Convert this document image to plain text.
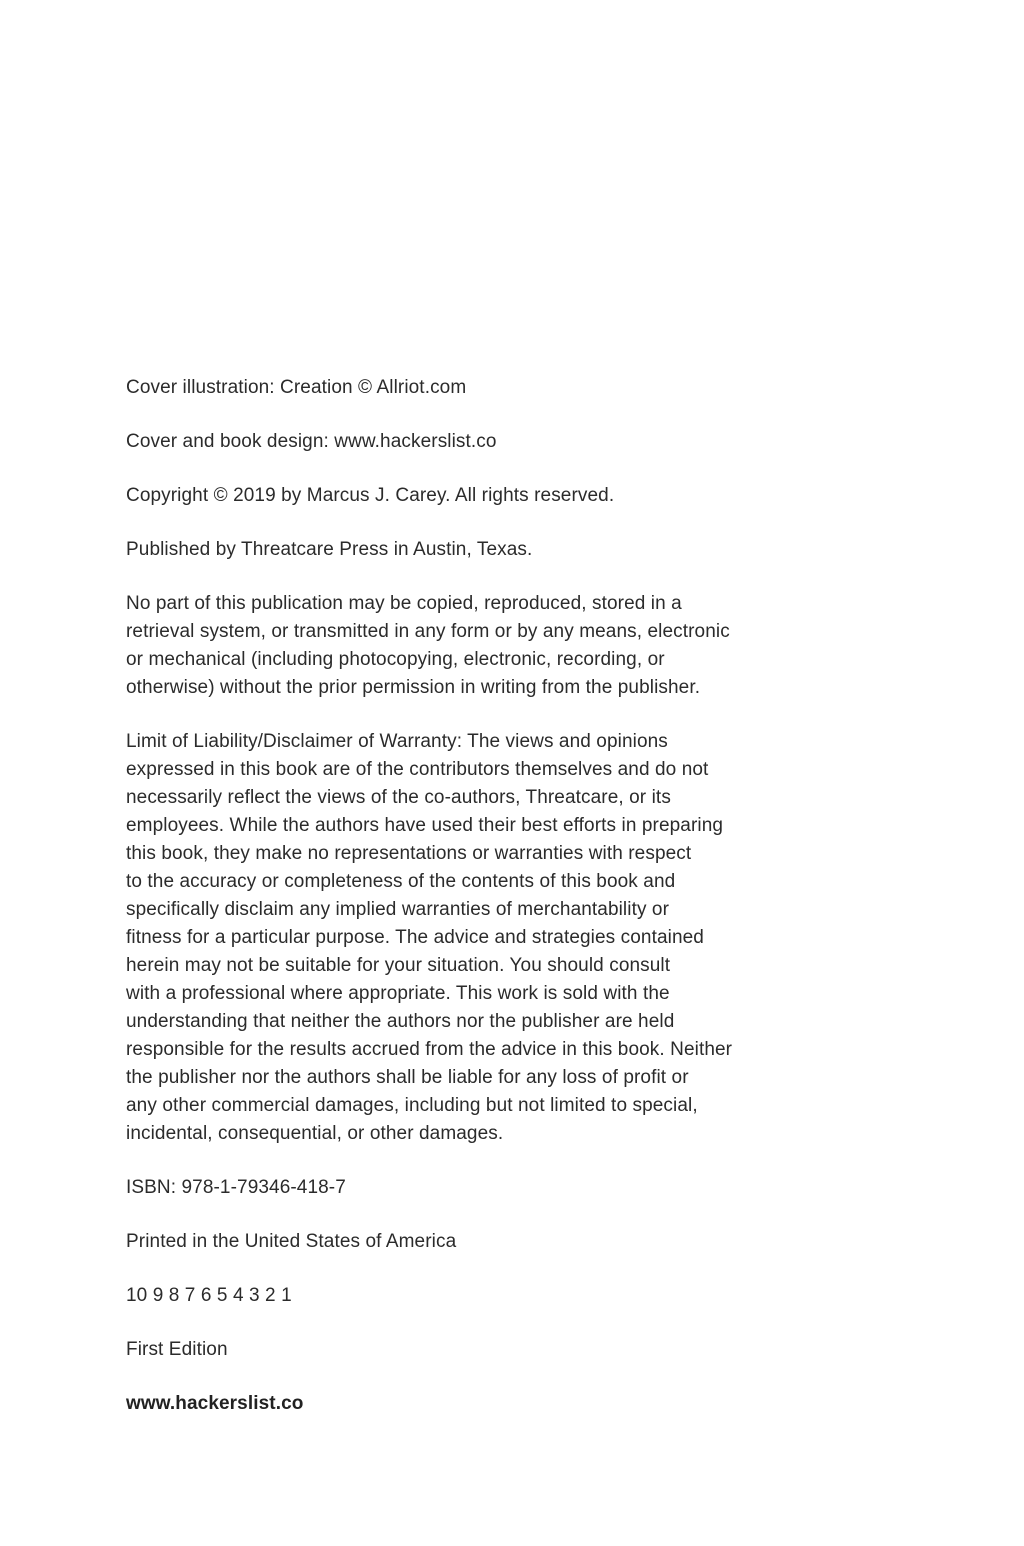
Cover illustration: Creation © Allriot.com

Cover and book design: www.hackerslist.co

Copyright © 2019 by Marcus J. Carey. All rights reserved.

Published by Threatcare Press in Austin, Texas.

No part of this publication may be copied, reproduced, stored in a
retrieval system, or transmitted in any form or by any means, electronic
or mechanical (including photocopying, electronic, recording, or
otherwise) without the prior permission in writing from the publisher.

Limit of Liability/Disclaimer of Warranty: The views and opinions
expressed in this book are of the contributors themselves and do not
necessarily reflect the views of the co-authors, Threatcare, or its
employees. While the authors have used their best efforts in preparing
this book, they make no representations or warranties with respect
to the accuracy or completeness of the contents of this book and
specifically disclaim any implied warranties of merchantability or
fitness for a particular purpose. The advice and strategies contained
herein may not be suitable for your situation. You should consult
with a professional where appropriate. This work is sold with the
understanding that neither the authors nor the publisher are held
responsible for the results accrued from the advice in this book. Neither
the publisher nor the authors shall be liable for any loss of profit or
any other commercial damages, including but not limited to special,
incidental, consequential, or other damages.

ISBN: 978-1-79346-418-7

Printed in the United States of America

10 9 8 7 6 5 4 3 2 1

First Edition

www.hackerslist.co
